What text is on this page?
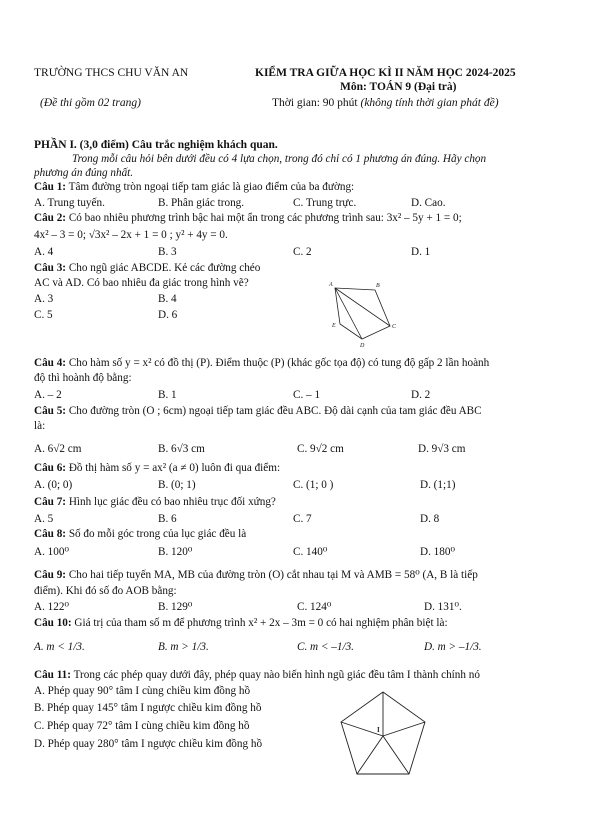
TRƯỜNG THCS CHU VĂN AN
(Đề thi gồm 02 trang)
KIỂM TRA GIỮA HỌC KÌ II NĂM HỌC 2024-2025
Môn: TOÁN 9 (Đại trà)
Thời gian: 90 phút (không tính thời gian phát đề)
PHẦN I. (3,0 điểm) Câu trắc nghiệm khách quan.
Trong mỗi câu hỏi bên dưới đều có 4 lựa chọn, trong đó chỉ có 1 phương án đúng. Hãy chọn
phương án đúng nhất.
Câu 1: Tâm đường tròn ngoại tiếp tam giác là giao điểm của ba đường:
A. Trung tuyến.	B. Phân giác trong.	C. Trung trực.	D. Cao.
Câu 2: Có bao nhiêu phương trình bậc hai một ẩn trong các phương trình sau: 3x² – 5y + 1 = 0;
4x² – 3 = 0; √3x² – 2x + 1 = 0 ; y² + 4y = 0.
A. 4	B. 3	C. 2	D. 1
Câu 3: Cho ngũ giác ABCDE. Kẻ các đường chéo
AC và AD. Có bao nhiêu đa giác trong hình vẽ?
A. 3	B. 4
C. 5	D. 6
A	B
C
D
E
Câu 4: Cho hàm số y = x² có đồ thị (P). Điểm thuộc (P) (khác gốc tọa độ) có tung độ gấp 2 lần hoành
độ thì hoành độ bằng:
A. – 2	B. 1	C. – 1	D. 2
Câu 5: Cho đường tròn (O ; 6cm) ngoại tiếp tam giác đều ABC. Độ dài cạnh của tam giác đều ABC
là:
A. 6√2 cm	B. 6√3 cm	C. 9√2 cm	D. 9√3 cm
Câu 6: Đồ thị hàm số y = ax² (a ≠ 0) luôn đi qua điểm:
A. (0; 0)	B. (0; 1)	C. (1; 0 )	D. (1;1)
Câu 7: Hình lục giác đều có bao nhiêu trục đối xứng?
A. 5	B. 6	C. 7	D. 8
Câu 8: Số đo mỗi góc trong của lục giác đều là
A. 100⁰	B. 120⁰	C. 140⁰	D. 180⁰
Câu 9: Cho hai tiếp tuyến MA, MB của đường tròn (O) cắt nhau tại M và AMB = 58⁰ (A, B là tiếp
điểm). Khi đó số đo AOB bằng:
A. 122⁰	B. 129⁰	C. 124⁰	D. 131⁰.
Câu 10: Giá trị của tham số m để phương trình x² + 2x – 3m = 0 có hai nghiệm phân biệt là:
A. m < 1/3.	B. m > 1/3.	C. m < –1/3.	D. m > –1/3.
Câu 11: Trong các phép quay dưới đây, phép quay nào biến hình ngũ giác đều tâm I thành chính nó
A. Phép quay 90° tâm I cùng chiều kim đồng hồ
B. Phép quay 145° tâm I ngược chiều kim đồng hồ
C. Phép quay 72° tâm I cùng chiều kim đồng hồ
D. Phép quay 280° tâm I ngược chiều kim đồng hồ
I
